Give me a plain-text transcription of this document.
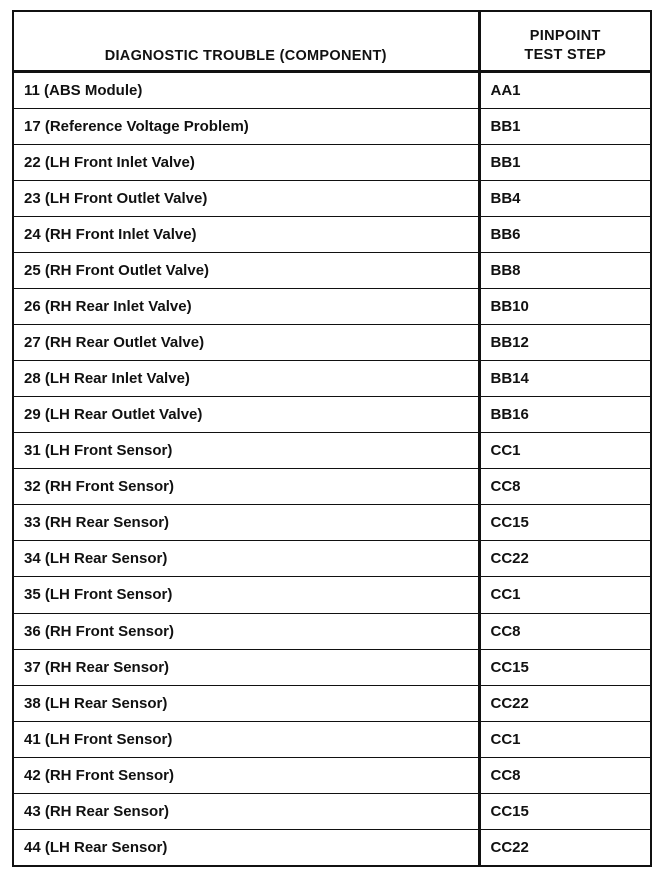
DIAGNOSTIC TROUBLE (COMPONENT)	PINPOINT
TEST STEP

11 (ABS Module)	AA1
17 (Reference Voltage Problem)	BB1
22 (LH Front Inlet Valve)	BB1
23 (LH Front Outlet Valve)	BB4
24 (RH Front Inlet Valve)	BB6
25 (RH Front Outlet Valve)	BB8
26 (RH Rear Inlet Valve)	BB10
27 (RH Rear Outlet Valve)	BB12
28 (LH Rear Inlet Valve)	BB14
29 (LH Rear Outlet Valve)	BB16
31 (LH Front Sensor)	CC1
32 (RH Front Sensor)	CC8
33 (RH Rear Sensor)	CC15
34 (LH Rear Sensor)	CC22
35 (LH Front Sensor)	CC1
36 (RH Front Sensor)	CC8
37 (RH Rear Sensor)	CC15
38 (LH Rear Sensor)	CC22
41 (LH Front Sensor)	CC1
42 (RH Front Sensor)	CC8
43 (RH Rear Sensor)	CC15
44 (LH Rear Sensor)	CC22
